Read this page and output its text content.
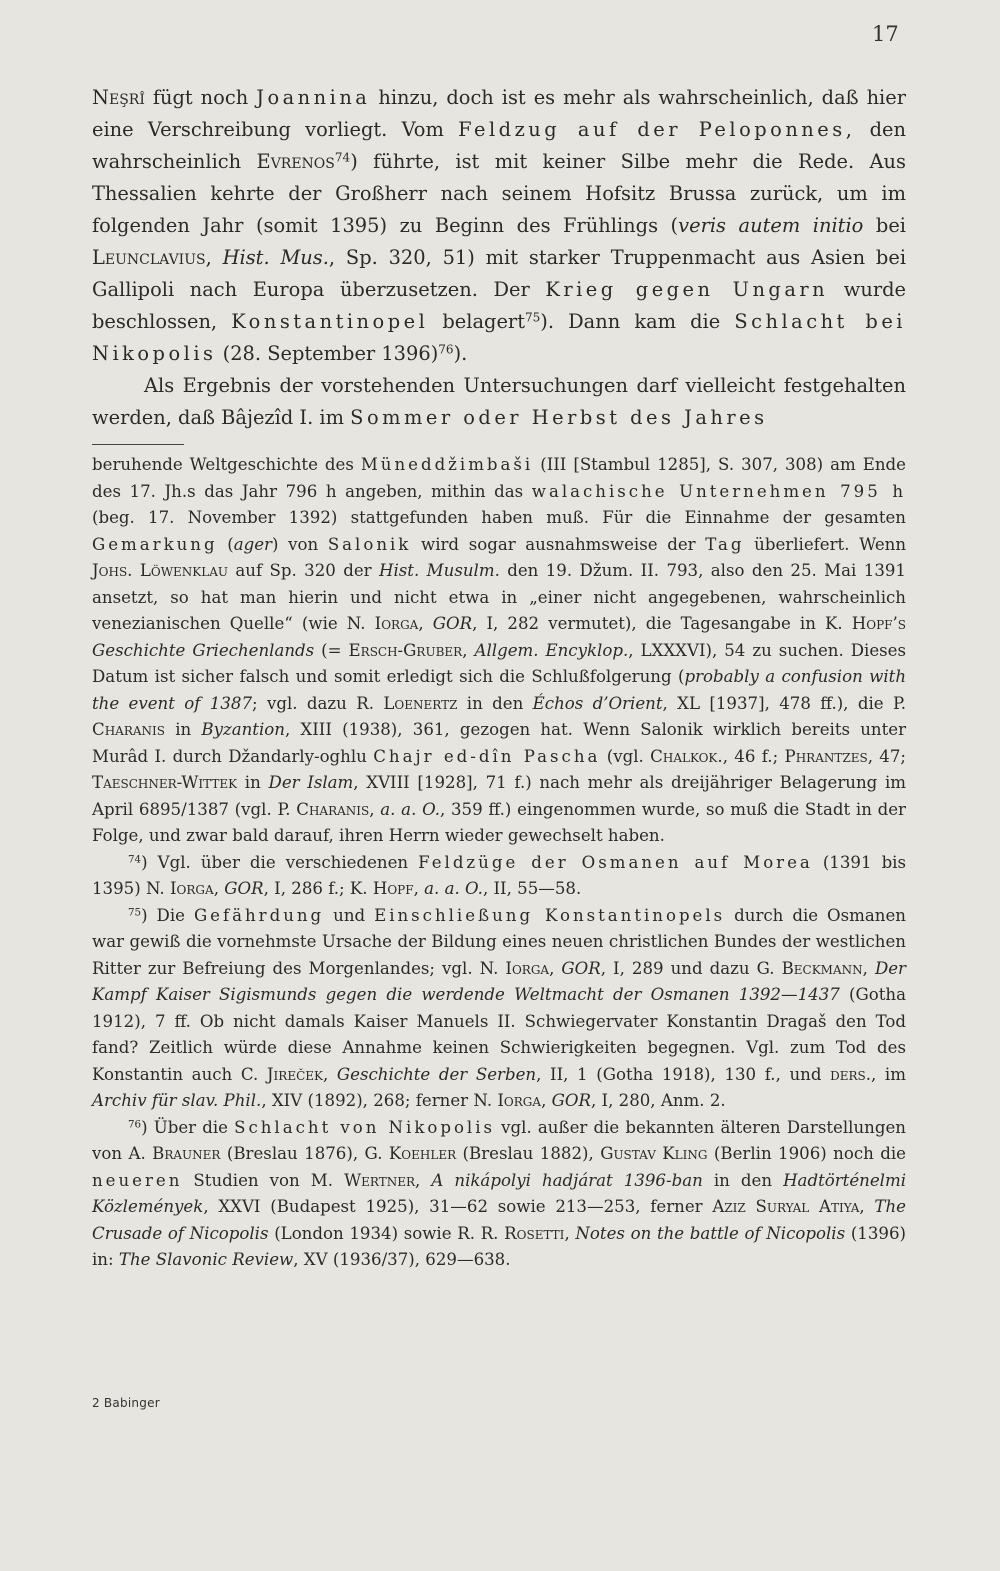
17

Neşrî fügt noch Joannina hinzu, doch ist es mehr als wahrscheinlich, daß hier eine Verschreibung vorliegt. Vom Feldzug auf der Peloponnes, den wahrscheinlich Evrenos$^{74}$) führte, ist mit keiner Silbe mehr die Rede. Aus Thessalien kehrte der Großherr nach seinem Hofsitz Brussa zurück, um im folgenden Jahr (somit 1395) zu Beginn des Frühlings (veris autem initio bei Leunclavius, Hist. Mus., Sp. 320, 51) mit starker Truppenmacht aus Asien bei Gallipoli nach Europa überzusetzen. Der Krieg gegen Ungarn wurde beschlossen, Konstantinopel belagert$^{75}$). Dann kam die Schlacht bei Nikopolis (28. September 1396)$^{76}$).

Als Ergebnis der vorstehenden Untersuchungen darf vielleicht festgehalten werden, daß Bâjezîd I. im Sommer oder Herbst des Jahres

beruhende Weltgeschichte des Müneddžimbaši (III [Stambul 1285], S. 307, 308) am Ende des 17. Jh.s das Jahr 796 h angeben, mithin das walachische Unternehmen 795 h (beg. 17. November 1392) stattgefunden haben muß. Für die Einnahme der gesamten Gemarkung (ager) von Salonik wird sogar ausnahmsweise der Tag überliefert. Wenn Johs. Löwenklau auf Sp. 320 der Hist. Musulm. den 19. Džum. II. 793, also den 25. Mai 1391 ansetzt, so hat man hierin und nicht etwa in „einer nicht angegebenen, wahrscheinlich venezianischen Quelle“ (wie N. Iorga, GOR, I, 282 vermutet), die Tagesangabe in K. Hopf’s Geschichte Griechenlands (= Ersch-Gruber, Allgem. Encyklop., LXXXVI), 54 zu suchen. Dieses Datum ist sicher falsch und somit erledigt sich die Schlußfolgerung (probably a confusion with the event of 1387; vgl. dazu R. Loenertz in den Échos d’Orient, XL [1937], 478 ff.), die P. Charanis in Byzantion, XIII (1938), 361, gezogen hat. Wenn Salonik wirklich bereits unter Murâd I. durch Džandarly-oghlu Chajr ed-dîn Pascha (vgl. Chalkok., 46 f.; Phrantzes, 47; Taeschner-Wittek in Der Islam, XVIII [1928], 71 f.) nach mehr als dreijähriger Belagerung im April 6895/1387 (vgl. P. Charanis, a. a. O., 359 ff.) eingenommen wurde, so muß die Stadt in der Folge, und zwar bald darauf, ihren Herrn wieder gewechselt haben.

$^{74}$) Vgl. über die verschiedenen Feldzüge der Osmanen auf Morea (1391 bis 1395) N. Iorga, GOR, I, 286 f.; K. Hopf, a. a. O., II, 55—58.

$^{75}$) Die Gefährdung und Einschließung Konstantinopels durch die Osmanen war gewiß die vornehmste Ursache der Bildung eines neuen christlichen Bundes der westlichen Ritter zur Befreiung des Morgenlandes; vgl. N. Iorga, GOR, I, 289 und dazu G. Beckmann, Der Kampf Kaiser Sigismunds gegen die werdende Weltmacht der Osmanen 1392—1437 (Gotha 1912), 7 ff. Ob nicht damals Kaiser Manuels II. Schwiegervater Konstantin Dragaš den Tod fand? Zeitlich würde diese Annahme keinen Schwierigkeiten begegnen. Vgl. zum Tod des Konstantin auch C. Jireček, Geschichte der Serben, II, 1 (Gotha 1918), 130 f., und ders., im Archiv für slav. Phil., XIV (1892), 268; ferner N. Iorga, GOR, I, 280, Anm. 2.

$^{76}$) Über die Schlacht von Nikopolis vgl. außer die bekannten älteren Darstellungen von A. Brauner (Breslau 1876), G. Koehler (Breslau 1882), Gustav Kling (Berlin 1906) noch die neueren Studien von M. Wertner, A nikápolyi hadjárat 1396-ban in den Hadtörténelmi Közlemények, XXVI (Budapest 1925), 31—62 sowie 213—253, ferner Aziz Suryal Atiya, The Crusade of Nicopolis (London 1934) sowie R. R. Rosetti, Notes on the battle of Nicopolis (1396) in: The Slavonic Review, XV (1936/37), 629—638.

2 Babinger
